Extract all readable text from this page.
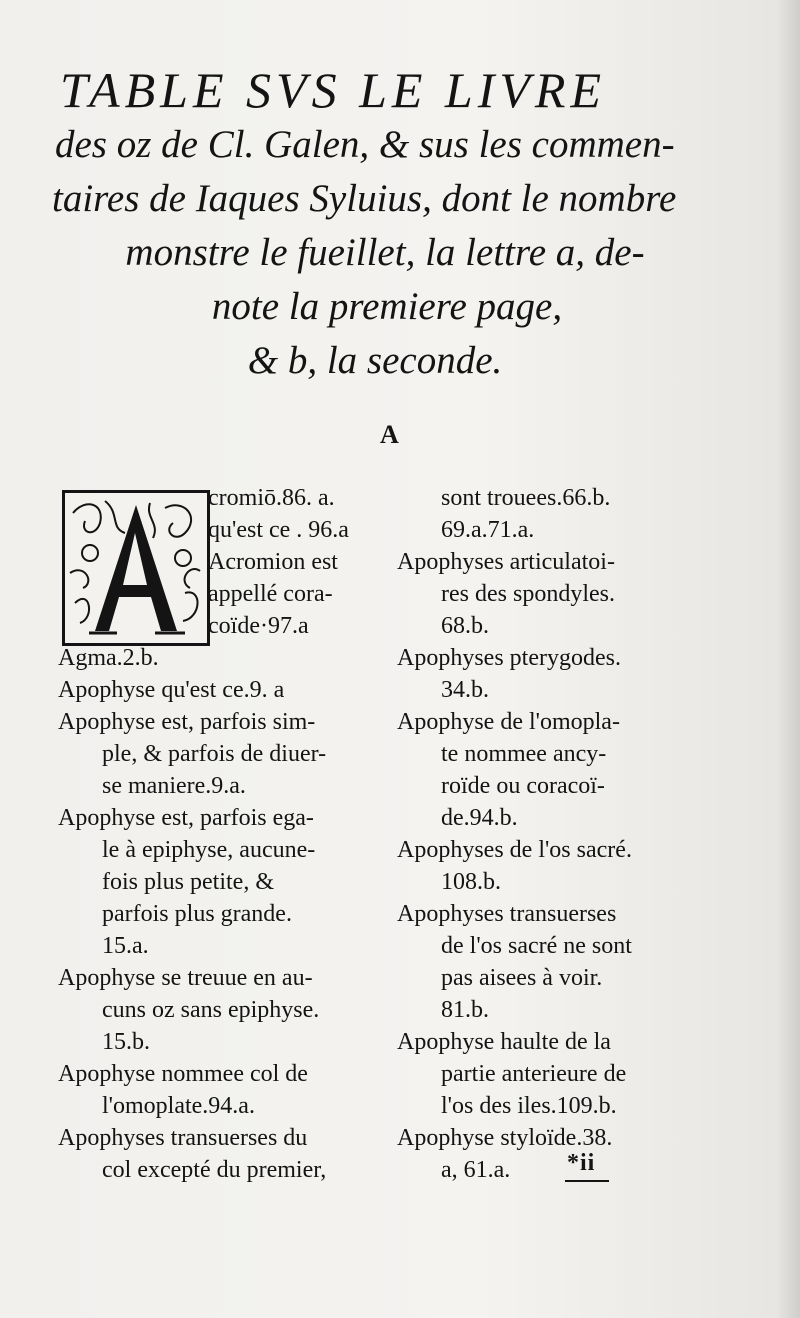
TABLE SVS LE LIVRE
des oz de Cl. Galen, & sus les commen-
taires de Iaques Syluius, dont le nombre
monstre le fueillet, la lettre a, de-
note la premiere page,
& b, la seconde.
A
cromiō.86. a.
qu'est ce . 96.a
Acromion est
appellé cora-
coïde·97.a
Agma.2.b.
Apophyse qu'est ce.9. a
Apophyse est, parfois sim-
ple, & parfois de diuer-
se maniere.9.a.
Apophyse est, parfois ega-
le à epiphyse, aucune-
fois plus petite, &
parfois plus grande.
15.a.
Apophyse se treuue en au-
cuns oz sans epiphyse.
15.b.
Apophyse nommee col de
l'omoplate.94.a.
Apophyses transuerses du
col excepté du premier,
sont trouees.66.b.
69.a.71.a.
Apophyses articulatoi-
res des spondyles.
68.b.
Apophyses pterygodes.
34.b.
Apophyse de l'omopla-
te nommee ancy-
roïde ou coracoï-
de.94.b.
Apophyses de l'os sacré.
108.b.
Apophyses transuerses
de l'os sacré ne sont
pas aisees à voir.
81.b.
Apophyse haulte de la
partie anterieure de
l'os des iles.109.b.
Apophyse styloïde.38.
a, 61.a.	*ii
